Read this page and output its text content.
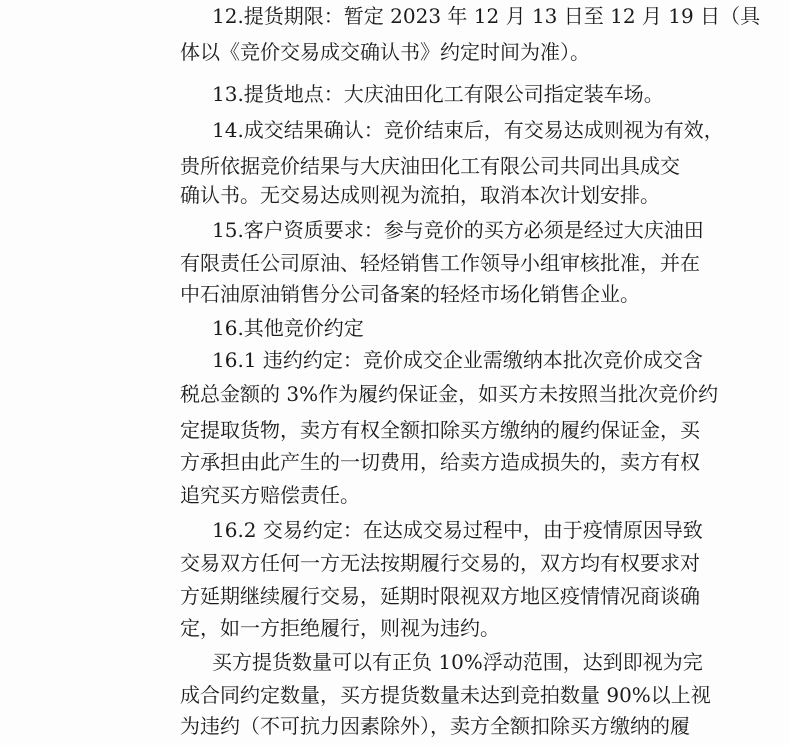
12.提货期限：暂定 2023 年 12 月 13 日至 12 月 19 日（具
体以《竞价交易成交确认书》约定时间为准）。
13.提货地点：大庆油田化工有限公司指定装车场。
14.成交结果确认：竞价结束后，有交易达成则视为有效，
贵所依据竞价结果与大庆油田化工有限公司共同出具成交
确认书。无交易达成则视为流拍，取消本次计划安排。
15.客户资质要求：参与竞价的买方必须是经过大庆油田
有限责任公司原油、轻烃销售工作领导小组审核批准，并在
中石油原油销售分公司备案的轻烃市场化销售企业。
16.其他竞价约定
16.1 违约约定：竞价成交企业需缴纳本批次竞价成交含
税总金额的 3%作为履约保证金，如买方未按照当批次竞价约
定提取货物，卖方有权全额扣除买方缴纳的履约保证金，买
方承担由此产生的一切费用，给卖方造成损失的，卖方有权
追究买方赔偿责任。
16.2 交易约定：在达成交易过程中，由于疫情原因导致
交易双方任何一方无法按期履行交易的，双方均有权要求对
方延期继续履行交易，延期时限视双方地区疫情情况商谈确
定，如一方拒绝履行，则视为违约。
买方提货数量可以有正负 10%浮动范围，达到即视为完
成合同约定数量，买方提货数量未达到竞拍数量 90%以上视
为违约（不可抗力因素除外），卖方全额扣除买方缴纳的履
